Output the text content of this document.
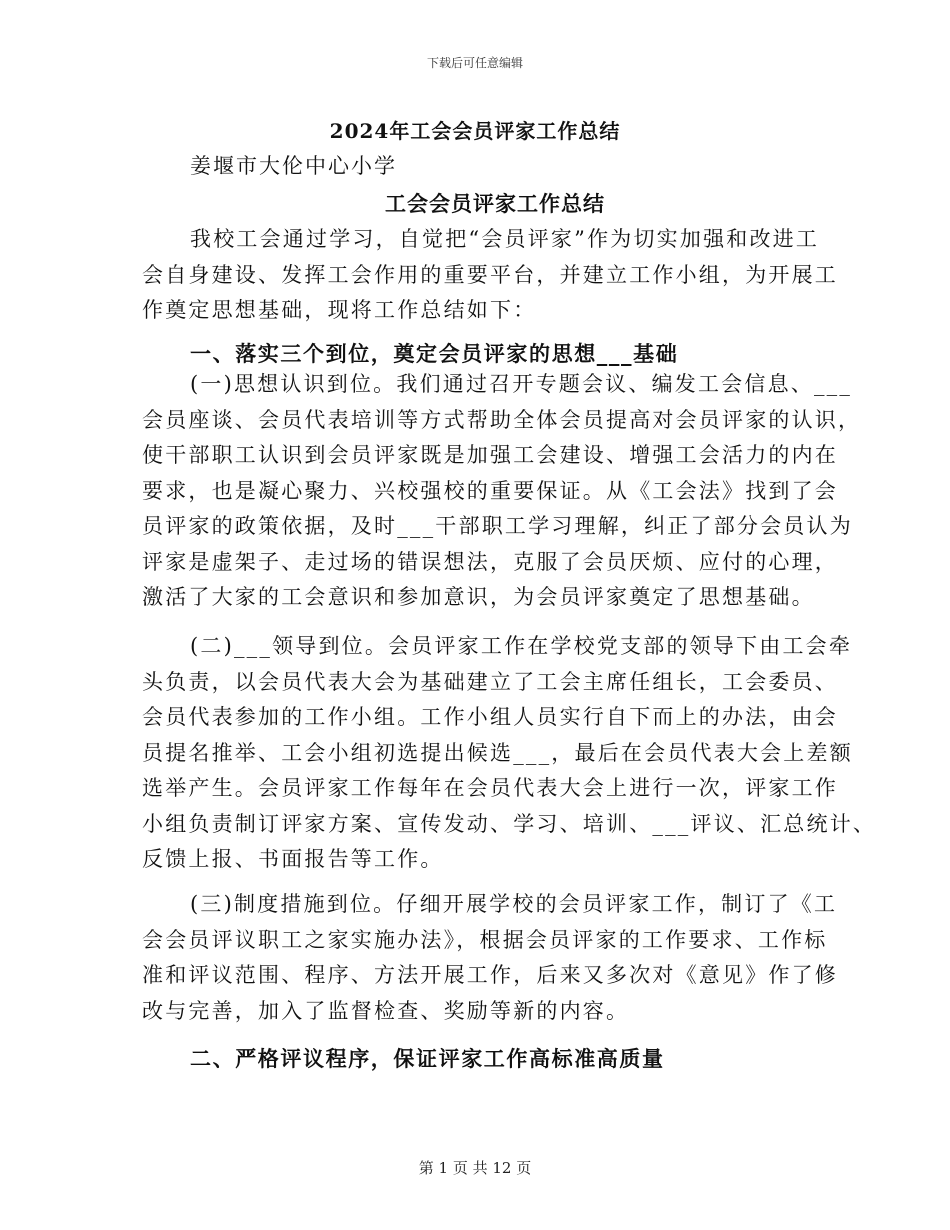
下载后可任意编辑
2024年工会会员评家工作总结
姜堰市大伦中心小学
工会会员评家工作总结
我校工会通过学习，自觉把“会员评家”作为切实加强和改进工
会自身建设、发挥工会作用的重要平台，并建立工作小组，为开展工
作奠定思想基础，现将工作总结如下：
一、落实三个到位，奠定会员评家的思想___基础
(一)思想认识到位。我们通过召开专题会议、编发工会信息、___
会员座谈、会员代表培训等方式帮助全体会员提高对会员评家的认识，
使干部职工认识到会员评家既是加强工会建设、增强工会活力的内在
要求，也是凝心聚力、兴校强校的重要保证。从《工会法》找到了会
员评家的政策依据，及时___干部职工学习理解，纠正了部分会员认为
评家是虚架子、走过场的错误想法，克服了会员厌烦、应付的心理，
激活了大家的工会意识和参加意识，为会员评家奠定了思想基础。
(二)___领导到位。会员评家工作在学校党支部的领导下由工会牵
头负责，以会员代表大会为基础建立了工会主席任组长，工会委员、
会员代表参加的工作小组。工作小组人员实行自下而上的办法，由会
员提名推举、工会小组初选提出候选___，最后在会员代表大会上差额
选举产生。会员评家工作每年在会员代表大会上进行一次，评家工作
小组负责制订评家方案、宣传发动、学习、培训、___评议、汇总统计、
反馈上报、书面报告等工作。
(三)制度措施到位。仔细开展学校的会员评家工作，制订了《工
会会员评议职工之家实施办法》，根据会员评家的工作要求、工作标
准和评议范围、程序、方法开展工作，后来又多次对《意见》作了修
改与完善，加入了监督检查、奖励等新的内容。
二、严格评议程序，保证评家工作高标准高质量
第 1 页 共 12 页
